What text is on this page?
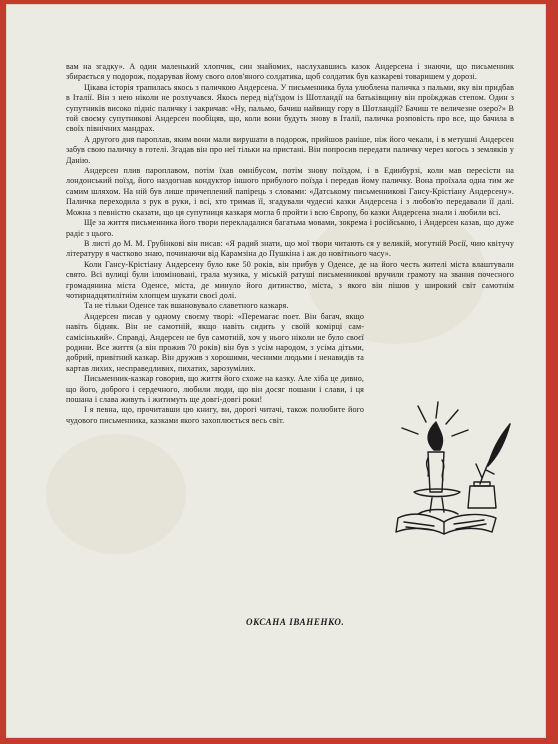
вам на згадку». А один маленький хлопчик, син знайомих, наслухавшись казок Андерсена і знаючи, що письменник збирається у подорож, подарував йому свого олов'яного солдатика, щоб солдатик був казкареві товаришем у дорозі.

Цікава історія трапилась якось з паличкою Андерсена. У письменника була улюблена паличка з пальми, яку він придбав в Італії. Він з нею ніколи не розлучався. Якось перед від'їздом із Шотландії на батьківщину він проїжджав степом. Один з супутників високо підніс паличку і закричав: «Ну, пальмо, бачиш найвищу гору в Шотландії? Бачиш те величезне озеро?» В той своєму супутникові Андерсен пообіцяв, що, коли вони будуть знову в Італії, паличка розповість про все, що бачила в своїх північних мандрах.

А другого дня пароплав, яким вони мали вирушати в подорож, прийшов раніше, ніж його чекали, і в метушні Андерсен забув свою паличку в готелі. Згадав він про неї тільки на пристані. Він попросив передати паличку через когось з земляків у Данію.

Андерсен плив пароплавом, потім їхав омнібусом, потім знову поїздом, і в Единбурзі, коли мав пересісти на лондонський поїзд, його наздогнав кондуктор іншого прибулого поїзда і передав йому паличку. Вона проїхала одна тим же самим шляхом. На ній був лише причеплений папірець з словами: «Датському письменникові Гансу-Крістіану Андерсену». Паличка переходила з рук в руки, і всі, хто тримав її, згадували чудесні казки Андерсена і з любов'ю передавали її далі. Можна з певністю сказати, що ця супутниця казкаря могла б пройти і всю Європу, бо казки Андерсена знали і любили всі.

Ще за життя письменника його твори перекладалися багатьма мовами, зокрема і російською, і Андерсен казав, що дуже радіє з цього.

В листі до М. М. Грубінкові він писав: «Я радий знати, що мої твори читають ся у великій, могутній Росії, чию квітучу літературу я частково знаю, починаючи від Карамзіна до Пушкіна і аж до новітнього часу».

Коли Гансу-Крістіану Андерсену було вже 50 років, він прибув у Оденсе, де на його честь жителі міста влаштували свято. Всі вулиці були ілюміновані, грала музика, у міській ратуші письменникові вручили грамоту на звання почесного громадянина міста Оденсе, міста, де минуло його дитинство, міста, з якого він пішов у широкий світ самотнім чотирнадцятилітнім хлопцем шукати своєї долі.

Та не тільки Оденсе так вшановувало славетного казкаря.

Андерсен писав у одному своєму творі: «Перемагає поет. Він багач, якщо навіть бідняк. Він не самотній, якщо навіть сидить у своїй комірці сам-самісінький». Справді, Андерсен не був самотній, хоч у нього ніколи не було своєї родини. Все життя (а він прожив 70 років) він був з усім народом, з усіма дітьми, добрий, привітний казкар. Він дружив з хорошими, чесними людьми і ненавидів та картав лихих, несправедливих, пихатих, зарозумілих.

Письменник-казкар говорив, що життя його схоже на казку. Але хіба це дивно, що його, доброго і сердечного, любили люди, що він досяг пошани і слави, і ця пошана і слава живуть і житимуть ще довгі-довгі роки!

І я певна, що, прочитавши цю книгу, ви, дорогі читачі, також полюбите його чудового письменника, казками якого захоплюється весь світ.

ОКСАНА ІВАНЕНКО.
